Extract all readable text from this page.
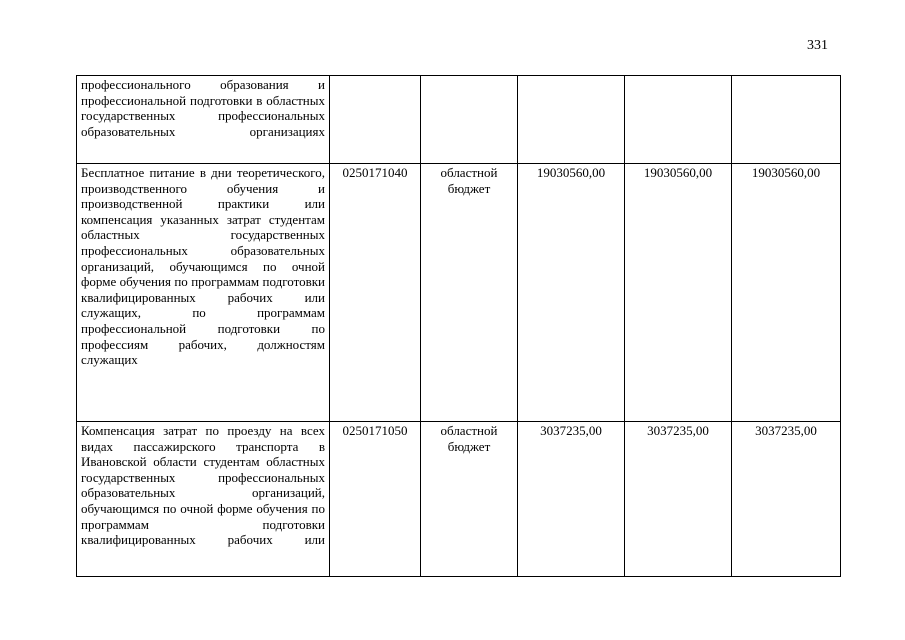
331
профессионального образования и профессиональной подготовки в областных государственных профессиональных образовательных организациях					

Бесплатное питание в дни теоретического, производственного обучения и производственной практики или компенсация указанных затрат студентам областных государственных профессиональных образовательных организаций, обучающимся по очной форме обучения по программам подготовки квалифицированных рабочих или служащих, по программам профессиональной подготовки по профессиям рабочих, должностям служащих	0250171040	областной бюджет	19030560,00	19030560,00	19030560,00

Компенсация затрат по проезду на всех видах пассажирского транспорта в Ивановской области студентам областных государственных профессиональных образовательных организаций, обучающимся по очной форме обучения по программам подготовки квалифицированных рабочих или	0250171050	областной бюджет	3037235,00	3037235,00	3037235,00
